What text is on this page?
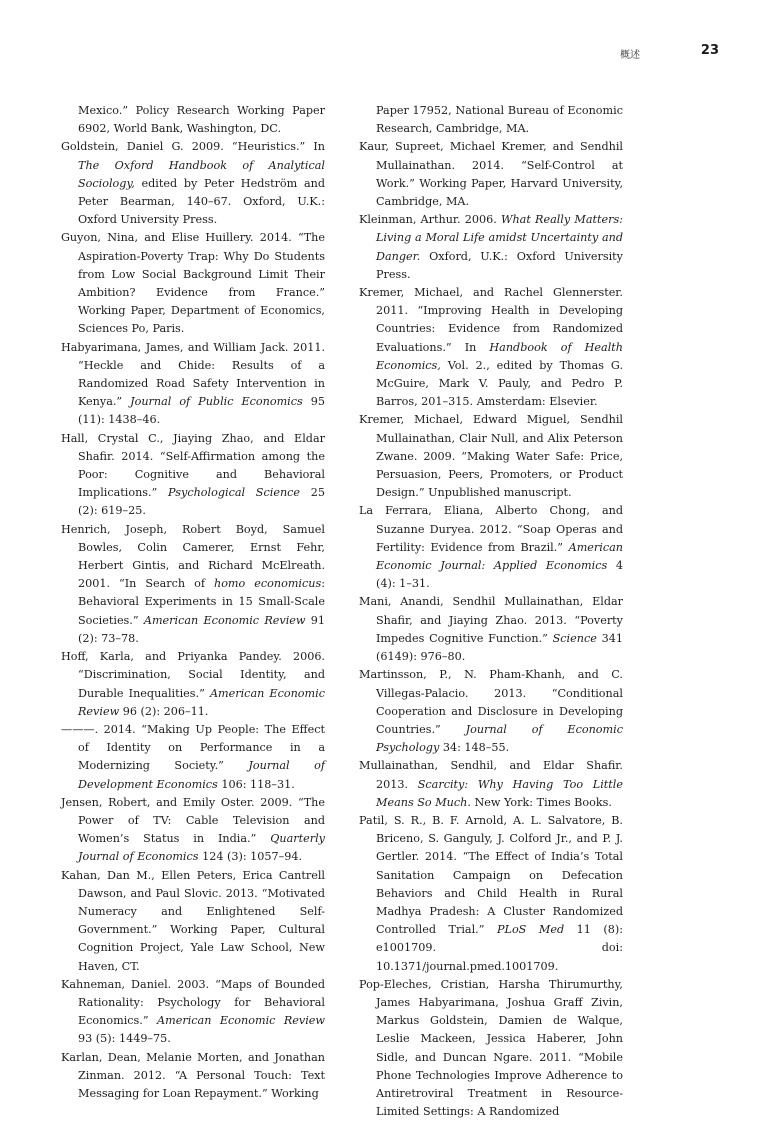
概述	23

Mexico.” Policy Research Working Paper 6902, World Bank, Washington, DC.

Goldstein, Daniel G. 2009. “Heuristics.” In The Oxford Handbook of Analytical Sociology, edited by Peter Hedström and Peter Bearman, 140–67. Oxford, U.K.: Oxford University Press.

Guyon, Nina, and Elise Huillery. 2014. “The Aspiration-Poverty Trap: Why Do Students from Low Social Background Limit Their Ambition? Evidence from France.” Working Paper, Department of Economics, Sciences Po, Paris.

Habyarimana, James, and William Jack. 2011. “Heckle and Chide: Results of a Randomized Road Safety Intervention in Kenya.” Journal of Public Economics 95 (11): 1438–46.

Hall, Crystal C., Jiaying Zhao, and Eldar Shafir. 2014. “Self-Affirmation among the Poor: Cognitive and Behavioral Implications.” Psychological Science 25 (2): 619–25.

Henrich, Joseph, Robert Boyd, Samuel Bowles, Colin Camerer, Ernst Fehr, Herbert Gintis, and Richard McElreath. 2001. “In Search of homo economicus: Behavioral Experiments in 15 Small-Scale Societies.” American Economic Review 91 (2): 73–78.

Hoff, Karla, and Priyanka Pandey. 2006. “Discrimination, Social Identity, and Durable Inequalities.” American Economic Review 96 (2): 206–11.

———. 2014. “Making Up People: The Effect of Identity on Performance in a Modernizing Society.” Journal of Development Economics 106: 118–31.

Jensen, Robert, and Emily Oster. 2009. “The Power of TV: Cable Television and Women’s Status in India.” Quarterly Journal of Economics 124 (3): 1057–94.

Kahan, Dan M., Ellen Peters, Erica Cantrell Dawson, and Paul Slovic. 2013. “Motivated Numeracy and Enlightened Self-Government.” Working Paper, Cultural Cognition Project, Yale Law School, New Haven, CT.

Kahneman, Daniel. 2003. “Maps of Bounded Rationality: Psychology for Behavioral Economics.” American Economic Review 93 (5): 1449–75.

Karlan, Dean, Melanie Morten, and Jonathan Zinman. 2012. “A Personal Touch: Text Messaging for Loan Repayment.” Working

Paper 17952, National Bureau of Economic Research, Cambridge, MA.

Kaur, Supreet, Michael Kremer, and Sendhil Mullainathan. 2014. “Self-Control at Work.” Working Paper, Harvard University, Cambridge, MA.

Kleinman, Arthur. 2006. What Really Matters: Living a Moral Life amidst Uncertainty and Danger. Oxford, U.K.: Oxford University Press.

Kremer, Michael, and Rachel Glennerster. 2011. “Improving Health in Developing Countries: Evidence from Randomized Evaluations.” In Handbook of Health Economics, Vol. 2., edited by Thomas G. McGuire, Mark V. Pauly, and Pedro P. Barros, 201–315. Amsterdam: Elsevier.

Kremer, Michael, Edward Miguel, Sendhil Mullainathan, Clair Null, and Alix Peterson Zwane. 2009. “Making Water Safe: Price, Persuasion, Peers, Promoters, or Product Design.” Unpublished manuscript.

La Ferrara, Eliana, Alberto Chong, and Suzanne Duryea. 2012. “Soap Operas and Fertility: Evidence from Brazil.” American Economic Journal: Applied Economics 4 (4): 1–31.

Mani, Anandi, Sendhil Mullainathan, Eldar Shafir, and Jiaying Zhao. 2013. “Poverty Impedes Cognitive Function.” Science 341 (6149): 976–80.

Martinsson, P., N. Pham-Khanh, and C. Villegas-Palacio. 2013. “Conditional Cooperation and Disclosure in Developing Countries.” Journal of Economic Psychology 34: 148–55.

Mullainathan, Sendhil, and Eldar Shafir. 2013. Scarcity: Why Having Too Little Means So Much. New York: Times Books.

Patil, S. R., B. F. Arnold, A. L. Salvatore, B. Briceno, S. Ganguly, J. Colford Jr., and P. J. Gertler. 2014. “The Effect of India’s Total Sanitation Campaign on Defecation Behaviors and Child Health in Rural Madhya Pradesh: A Cluster Randomized Controlled Trial.” PLoS Med 11 (8): e1001709. doi: 10.1371/journal.pmed.1001709.

Pop-Eleches, Cristian, Harsha Thirumurthy, James Habyarimana, Joshua Graff Zivin, Markus Goldstein, Damien de Walque, Leslie Mackeen, Jessica Haberer, John Sidle, and Duncan Ngare. 2011. “Mobile Phone Technologies Improve Adherence to Antiretroviral Treatment in Resource-Limited Settings: A Randomized
